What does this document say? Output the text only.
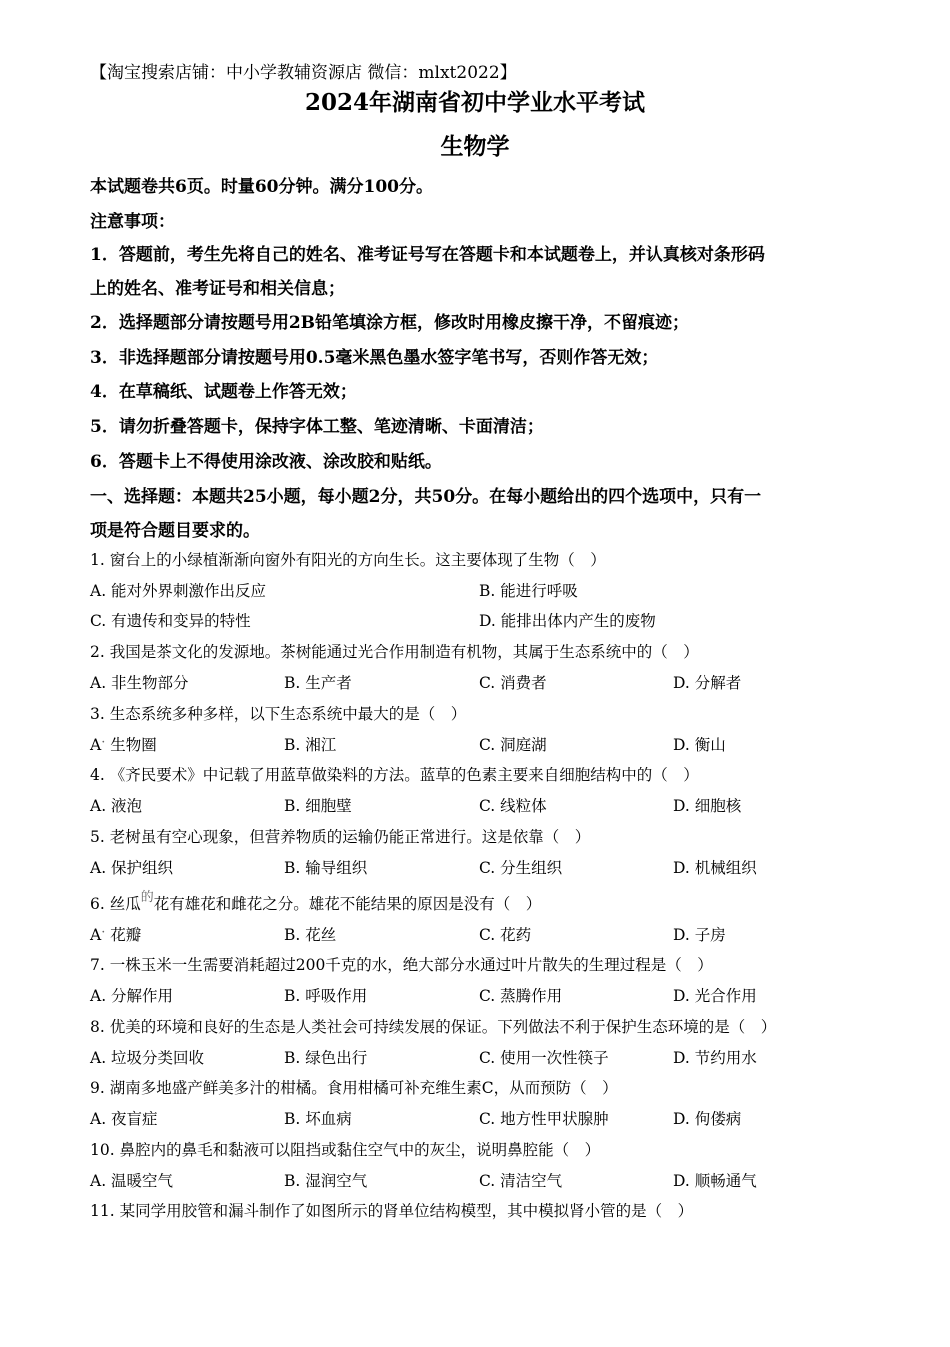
【淘宝搜索店铺：中小学教辅资源店 微信：mlxt2022】
2024年湖南省初中学业水平考试
生物学
本试题卷共6页。时量60分钟。满分100分。
注意事项：
1．答题前，考生先将自己的姓名、准考证号写在答题卡和本试题卷上，并认真核对条形码
上的姓名、准考证号和相关信息；
2．选择题部分请按题号用2B铅笔填涂方框，修改时用橡皮擦干净，不留痕迹；
3．非选择题部分请按题号用0.5毫米黑色墨水签字笔书写，否则作答无效；
4．在草稿纸、试题卷上作答无效；
5．请勿折叠答题卡，保持字体工整、笔迹清晰、卡面清洁；
6．答题卡上不得使用涂改液、涂改胶和贴纸。
一、选择题：本题共25小题，每小题2分，共50分。在每小题给出的四个选项中，只有一
项是符合题目要求的。
1. 窗台上的小绿植渐渐向窗外有阳光的方向生长。这主要体现了生物（　）
A. 能对外界刺激作出反应	B. 能进行呼吸
C. 有遗传和变异的特性	D. 能排出体内产生的废物
2. 我国是茶文化的发源地。茶树能通过光合作用制造有机物，其属于生态系统中的（　）
A. 非生物部分	B. 生产者	C. 消费者	D. 分解者
3. 生态系统多种多样，以下生态系统中最大的是（　）
A· 生物圈	B. 湘江	C. 洞庭湖	D. 衡山
4. 《齐民要术》中记载了用蓝草做染料的方法。蓝草的色素主要来自细胞结构中的（　）
A. 液泡	B. 细胞壁	C. 线粒体	D. 细胞核
5. 老树虽有空心现象，但营养物质的运输仍能正常进行。这是依靠（　）
A. 保护组织	B. 输导组织	C. 分生组织	D. 机械组织
6. 丝瓜$^的$花有雄花和雌花之分。雄花不能结果的原因是没有（　）
A· 花瓣	B. 花丝	C. 花药	D. 子房
7. 一株玉米一生需要消耗超过200千克的水，绝大部分水通过叶片散失的生理过程是（　）
A. 分解作用	B. 呼吸作用	C. 蒸腾作用	D. 光合作用
8. 优美的环境和良好的生态是人类社会可持续发展的保证。下列做法不利于保护生态环境的是（　）
A. 垃圾分类回收	B. 绿色出行	C. 使用一次性筷子	D. 节约用水
9. 湖南多地盛产鲜美多汁的柑橘。食用柑橘可补充维生素C，从而预防（　）
A. 夜盲症	B. 坏血病	C. 地方性甲状腺肿	D. 佝偻病
10. 鼻腔内的鼻毛和黏液可以阻挡或黏住空气中的灰尘，说明鼻腔能（　）
A. 温暖空气	B. 湿润空气	C. 清洁空气	D. 顺畅通气
11. 某同学用胶管和漏斗制作了如图所示的肾单位结构模型，其中模拟肾小管的是（　）
